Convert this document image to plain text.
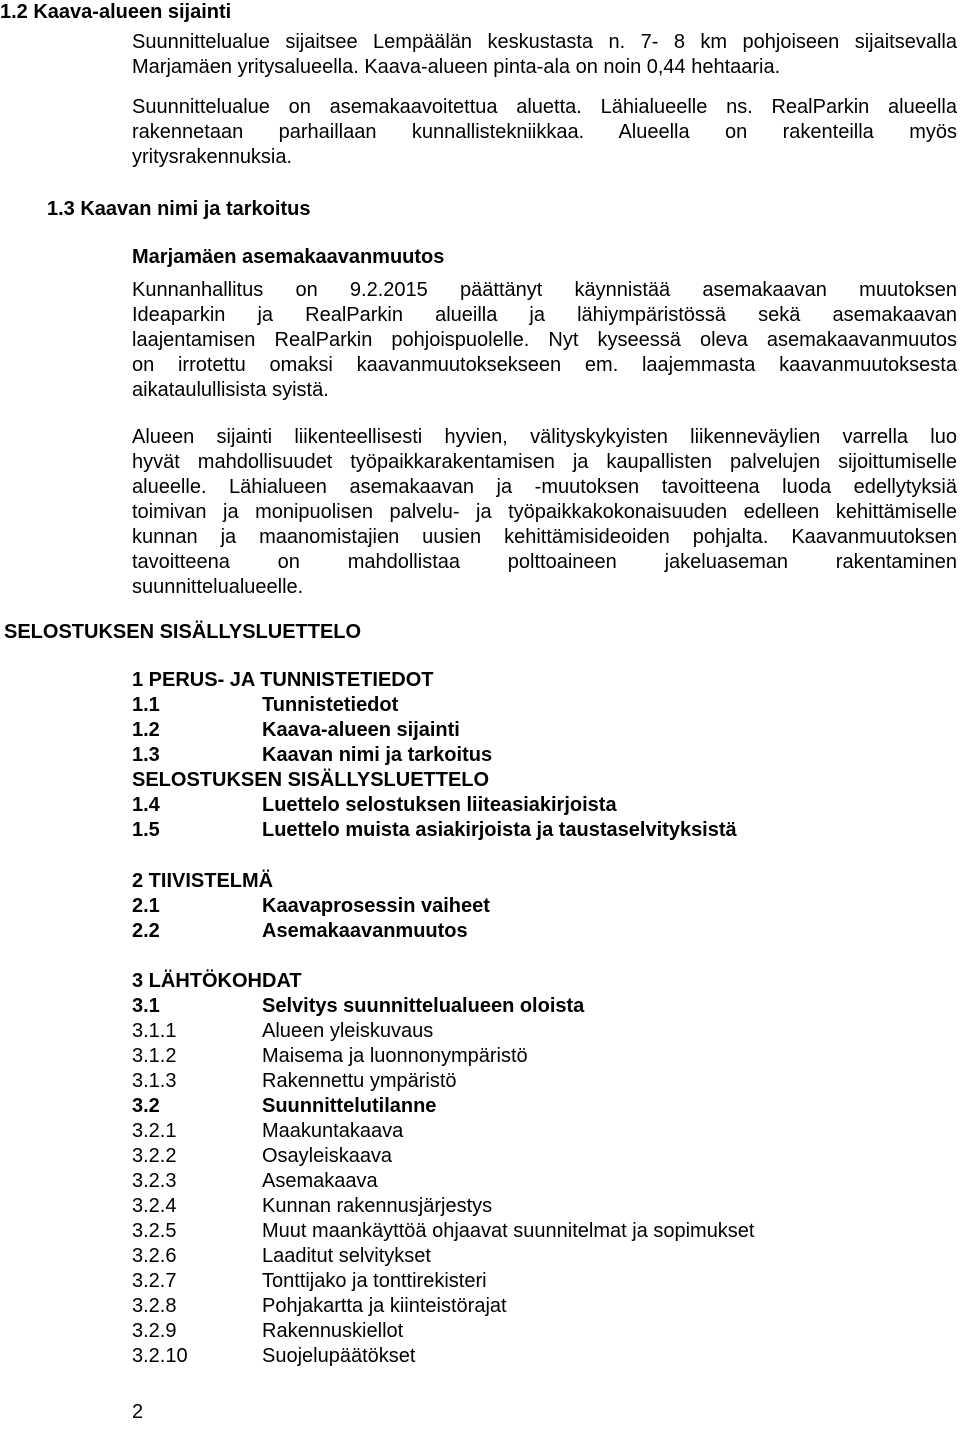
1.2 Kaava-alueen sijainti
Suunnittelualue sijaitsee Lempäälän keskustasta n. 7- 8 km pohjoiseen sijaitsevalla
Marjamäen yritysalueella. Kaava-alueen pinta-ala on noin 0,44 hehtaaria.
Suunnittelualue on asemakaavoitettua aluetta. Lähialueelle ns. RealParkin alueella
rakennetaan parhaillaan kunnallistekniikkaa. Alueella on rakenteilla myös
yritysrakennuksia.
1.3 Kaavan nimi ja tarkoitus
Marjamäen asemakaavanmuutos
Kunnanhallitus on 9.2.2015 päättänyt käynnistää asemakaavan muutoksen
Ideaparkin ja RealParkin alueilla ja lähiympäristössä sekä asemakaavan
laajentamisen RealParkin pohjoispuolelle. Nyt kyseessä oleva asemakaavanmuutos
on irrotettu omaksi kaavanmuutoksekseen em. laajemmasta kaavanmuutoksesta
aikataulullisista syistä.
Alueen sijainti liikenteellisesti hyvien, välityskykyisten liikenneväylien varrella luo
hyvät mahdollisuudet työpaikkarakentamisen ja kaupallisten palvelujen sijoittumiselle
alueelle. Lähialueen asemakaavan ja -muutoksen tavoitteena luoda edellytyksiä
toimivan ja monipuolisen palvelu- ja työpaikkakokonaisuuden edelleen kehittämiselle
kunnan ja maanomistajien uusien kehittämisideoiden pohjalta. Kaavanmuutoksen
tavoitteena on mahdollistaa polttoaineen jakeluaseman rakentaminen
suunnittelualueelle.
SELOSTUKSEN SISÄLLYSLUETTELO
1 PERUS- JA TUNNISTETIEDOT
1.1	Tunnistetiedot
1.2	Kaava-alueen sijainti
1.3	Kaavan nimi ja tarkoitus
SELOSTUKSEN SISÄLLYSLUETTELO
1.4	Luettelo selostuksen liiteasiakirjoista
1.5	Luettelo muista asiakirjoista ja taustaselvityksistä
2 TIIVISTELMÄ
2.1	Kaavaprosessin vaiheet
2.2	Asemakaavanmuutos
3 LÄHTÖKOHDAT
3.1	Selvitys suunnittelualueen oloista
3.1.1	Alueen yleiskuvaus
3.1.2	Maisema ja luonnonympäristö
3.1.3	Rakennettu ympäristö
3.2	Suunnittelutilanne
3.2.1	Maakuntakaava
3.2.2	Osayleiskaava
3.2.3	Asemakaava
3.2.4	Kunnan rakennusjärjestys
3.2.5	Muut maankäyttöä ohjaavat suunnitelmat ja sopimukset
3.2.6	Laaditut selvitykset
3.2.7	Tonttijako ja tonttirekisteri
3.2.8	Pohjakartta ja kiinteistörajat
3.2.9	Rakennuskiellot
3.2.10	Suojelupäätökset
2
